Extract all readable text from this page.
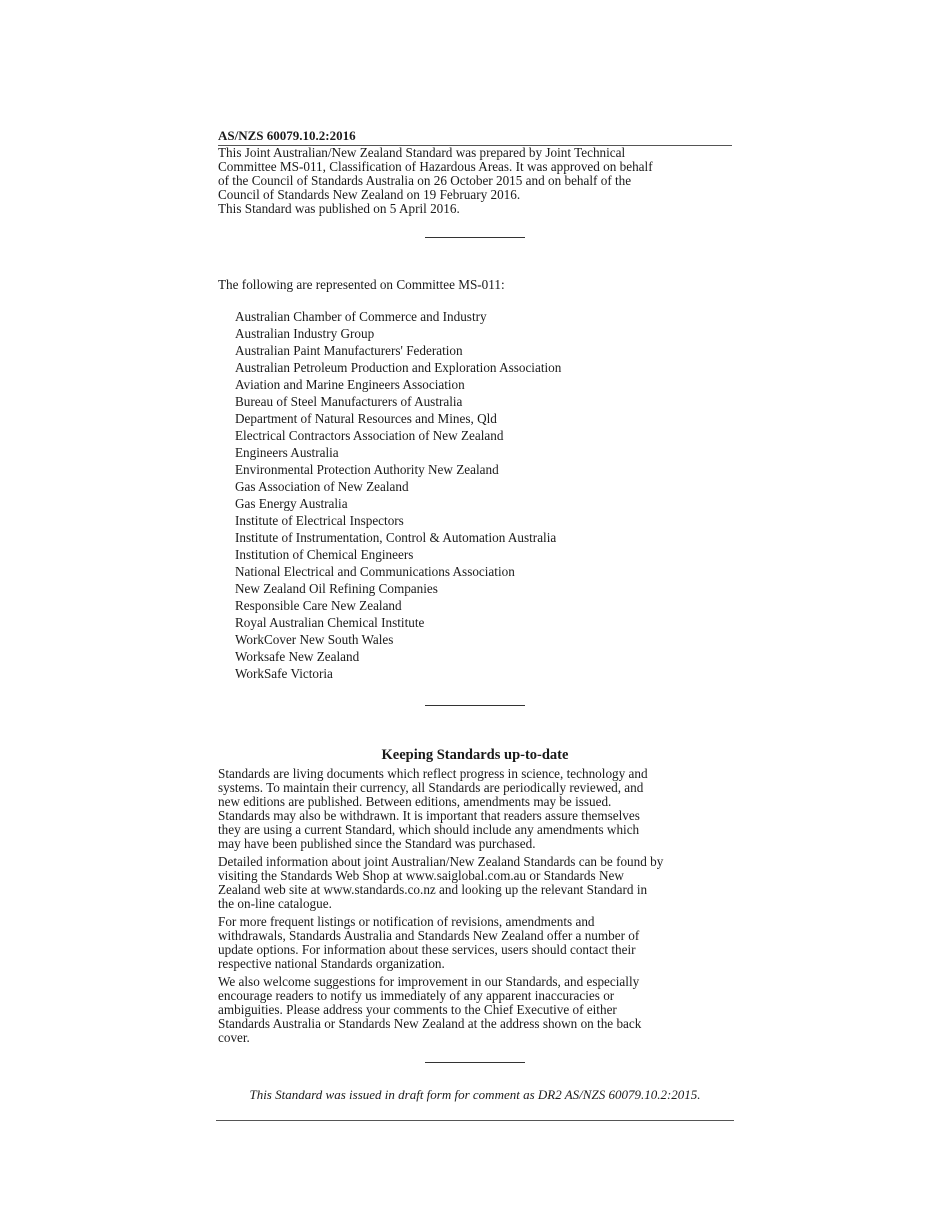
AS/NZS 60079.10.2:2016

This Joint Australian/New Zealand Standard was prepared by Joint Technical

Committee MS-011, Classification of Hazardous Areas. It was approved on behalf

of the Council of Standards Australia on 26 October 2015 and on behalf of the

Council of Standards New Zealand on 19 February 2016.

This Standard was published on 5 April 2016.

The following are represented on Committee MS-011:
Australian Chamber of Commerce and Industry
Australian Industry Group
Australian Paint Manufacturers' Federation
Australian Petroleum Production and Exploration Association
Aviation and Marine Engineers Association
Bureau of Steel Manufacturers of Australia
Department of Natural Resources and Mines, Qld
Electrical Contractors Association of New Zealand
Engineers Australia
Environmental Protection Authority New Zealand
Gas Association of New Zealand
Gas Energy Australia
Institute of Electrical Inspectors
Institute of Instrumentation, Control & Automation Australia
Institution of Chemical Engineers
National Electrical and Communications Association
New Zealand Oil Refining Companies
Responsible Care New Zealand
Royal Australian Chemical Institute
WorkCover New South Wales
Worksafe New Zealand
WorkSafe Victoria
Keeping Standards up-to-date

Standards are living documents which reflect progress in science, technology and

systems. To maintain their currency, all Standards are periodically reviewed, and

new editions are published. Between editions, amendments may be issued.

Standards may also be withdrawn. It is important that readers assure themselves

they are using a current Standard, which should include any amendments which

may have been published since the Standard was purchased.

Detailed information about joint Australian/New Zealand Standards can be found by

visiting the Standards Web Shop at www.saiglobal.com.au or Standards New

Zealand web site at www.standards.co.nz and looking up the relevant Standard in

the on-line catalogue.

For more frequent listings or notification of revisions, amendments and

withdrawals, Standards Australia and Standards New Zealand offer a number of

update options. For information about these services, users should contact their

respective national Standards organization.

We also welcome suggestions for improvement in our Standards, and especially

encourage readers to notify us immediately of any apparent inaccuracies or

ambiguities. Please address your comments to the Chief Executive of either

Standards Australia or Standards New Zealand at the address shown on the back

cover.

This Standard was issued in draft form for comment as DR2 AS/NZS 60079.10.2:2015.
